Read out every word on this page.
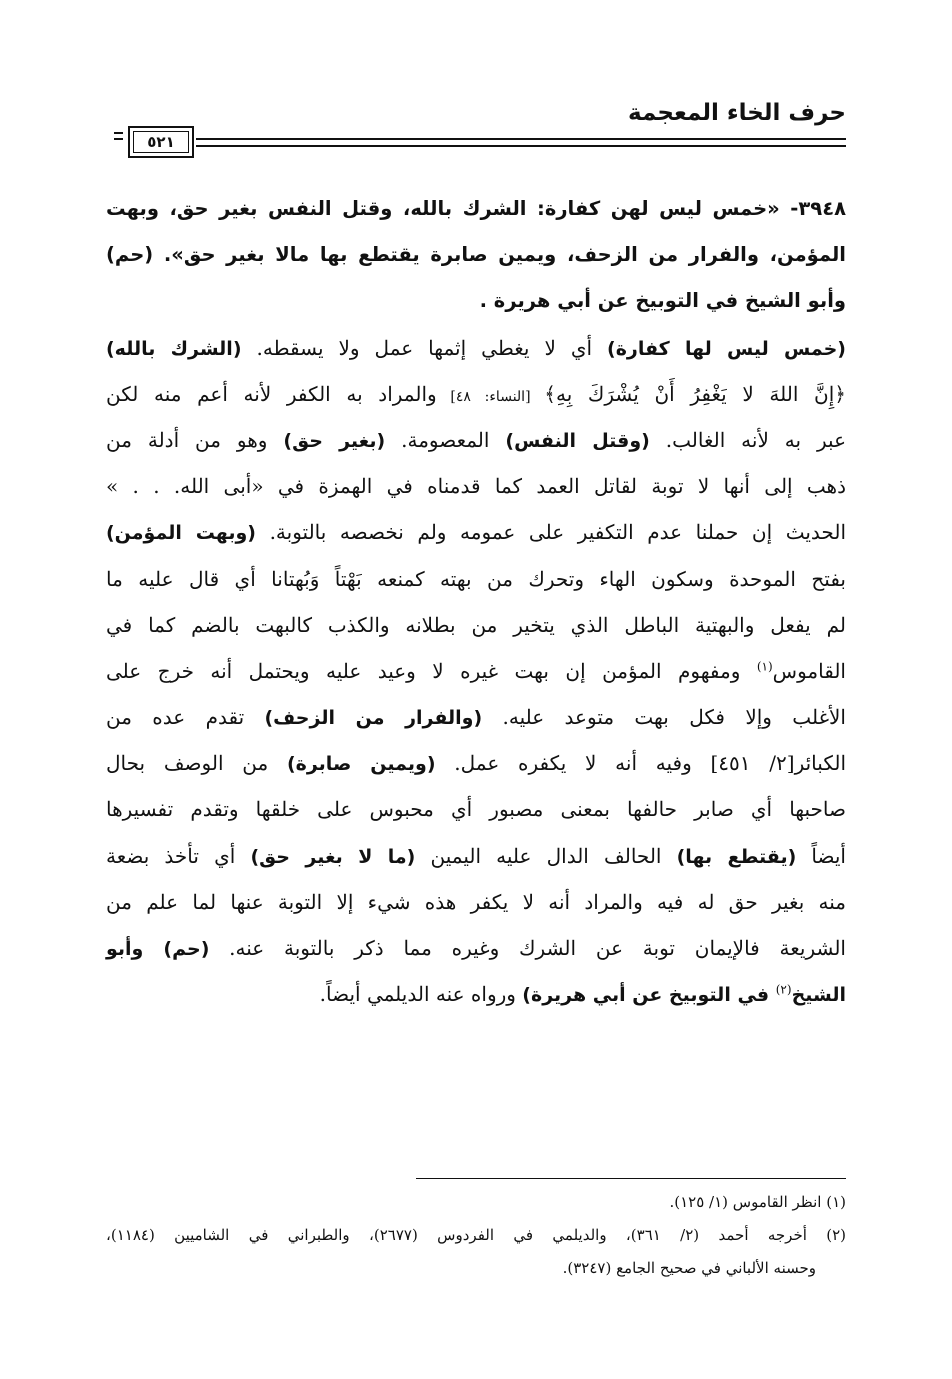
حرف الخاء المعجمة
٥٢١
٣٩٤٨- «خمس ليس لهن كفارة: الشرك بالله، وقتل النفس بغير حق، وبهت
المؤمن، والفرار من الزحف، ويمين صابرة يقتطع بها مالا بغير حق». (حم)
وأبو الشيخ في التوبيخ عن أبي هريرة .
(خمس ليس لها كفارة) أي لا يغطي إثمها عمل ولا يسقطه. (الشرك بالله)
﴿إِنَّ اللهَ لا يَغْفِرُ أَنْ يُشْرَكَ بِهِ﴾ [النساء: ٤٨] والمراد به الكفر لأنه أعم منه لكن
عبر به لأنه الغالب. (وقتل النفس) المعصومة. (بغير حق) وهو من أدلة من
ذهب إلى أنها لا توبة لقاتل العمد كما قدمناه في الهمزة في «أبى الله. . . »
الحديث إن حملنا عدم التكفير على عمومه ولم نخصصه بالتوبة. (وبهت المؤمن)
بفتح الموحدة وسكون الهاء وتحرك من بهته كمنعه بَهْتاً وَبُهتانا أي قال عليه ما
لم يفعل والبهتية الباطل الذي يتخير من بطلانه والكذب كالبهت بالضم كما في
القاموس$^{(١)}$ ومفهوم المؤمن إن بهت غيره لا وعيد عليه ويحتمل أنه خرج على
الأغلب وإلا فكل بهت متوعد عليه. (والفرار من الزحف) تقدم عده من
الكبائر[٢/ ٤٥١] وفيه أنه لا يكفره عمل. (ويمين صابرة) من الوصف بحال
صاحبها أي صابر حالفها بمعنى مصبور أي محبوس على خلقها وتقدم تفسيرها
أيضاً (يقتطع بها) الحالف الدال عليه اليمين (ما لا بغير حق) أي تأخذ بضعة
منه بغير حق له فيه والمراد أنه لا يكفر هذه شيء إلا التوبة عنها لما علم من
الشريعة فالإيمان توبة عن الشرك وغيره مما ذكر بالتوبة عنه. (حم) وأبو
الشيخ$^{(٢)}$ في التوبيخ عن أبي هريرة) ورواه عنه الديلمي أيضاً.
(١) انظر القاموس (١/ ١٢٥).
(٢) أخرجه أحمد (٢/ ٣٦١)، والديلمي في الفردوس (٢٦٧٧)، والطبراني في الشاميين (١١٨٤)،
وحسنه الألباني في صحيح الجامع (٣٢٤٧).
